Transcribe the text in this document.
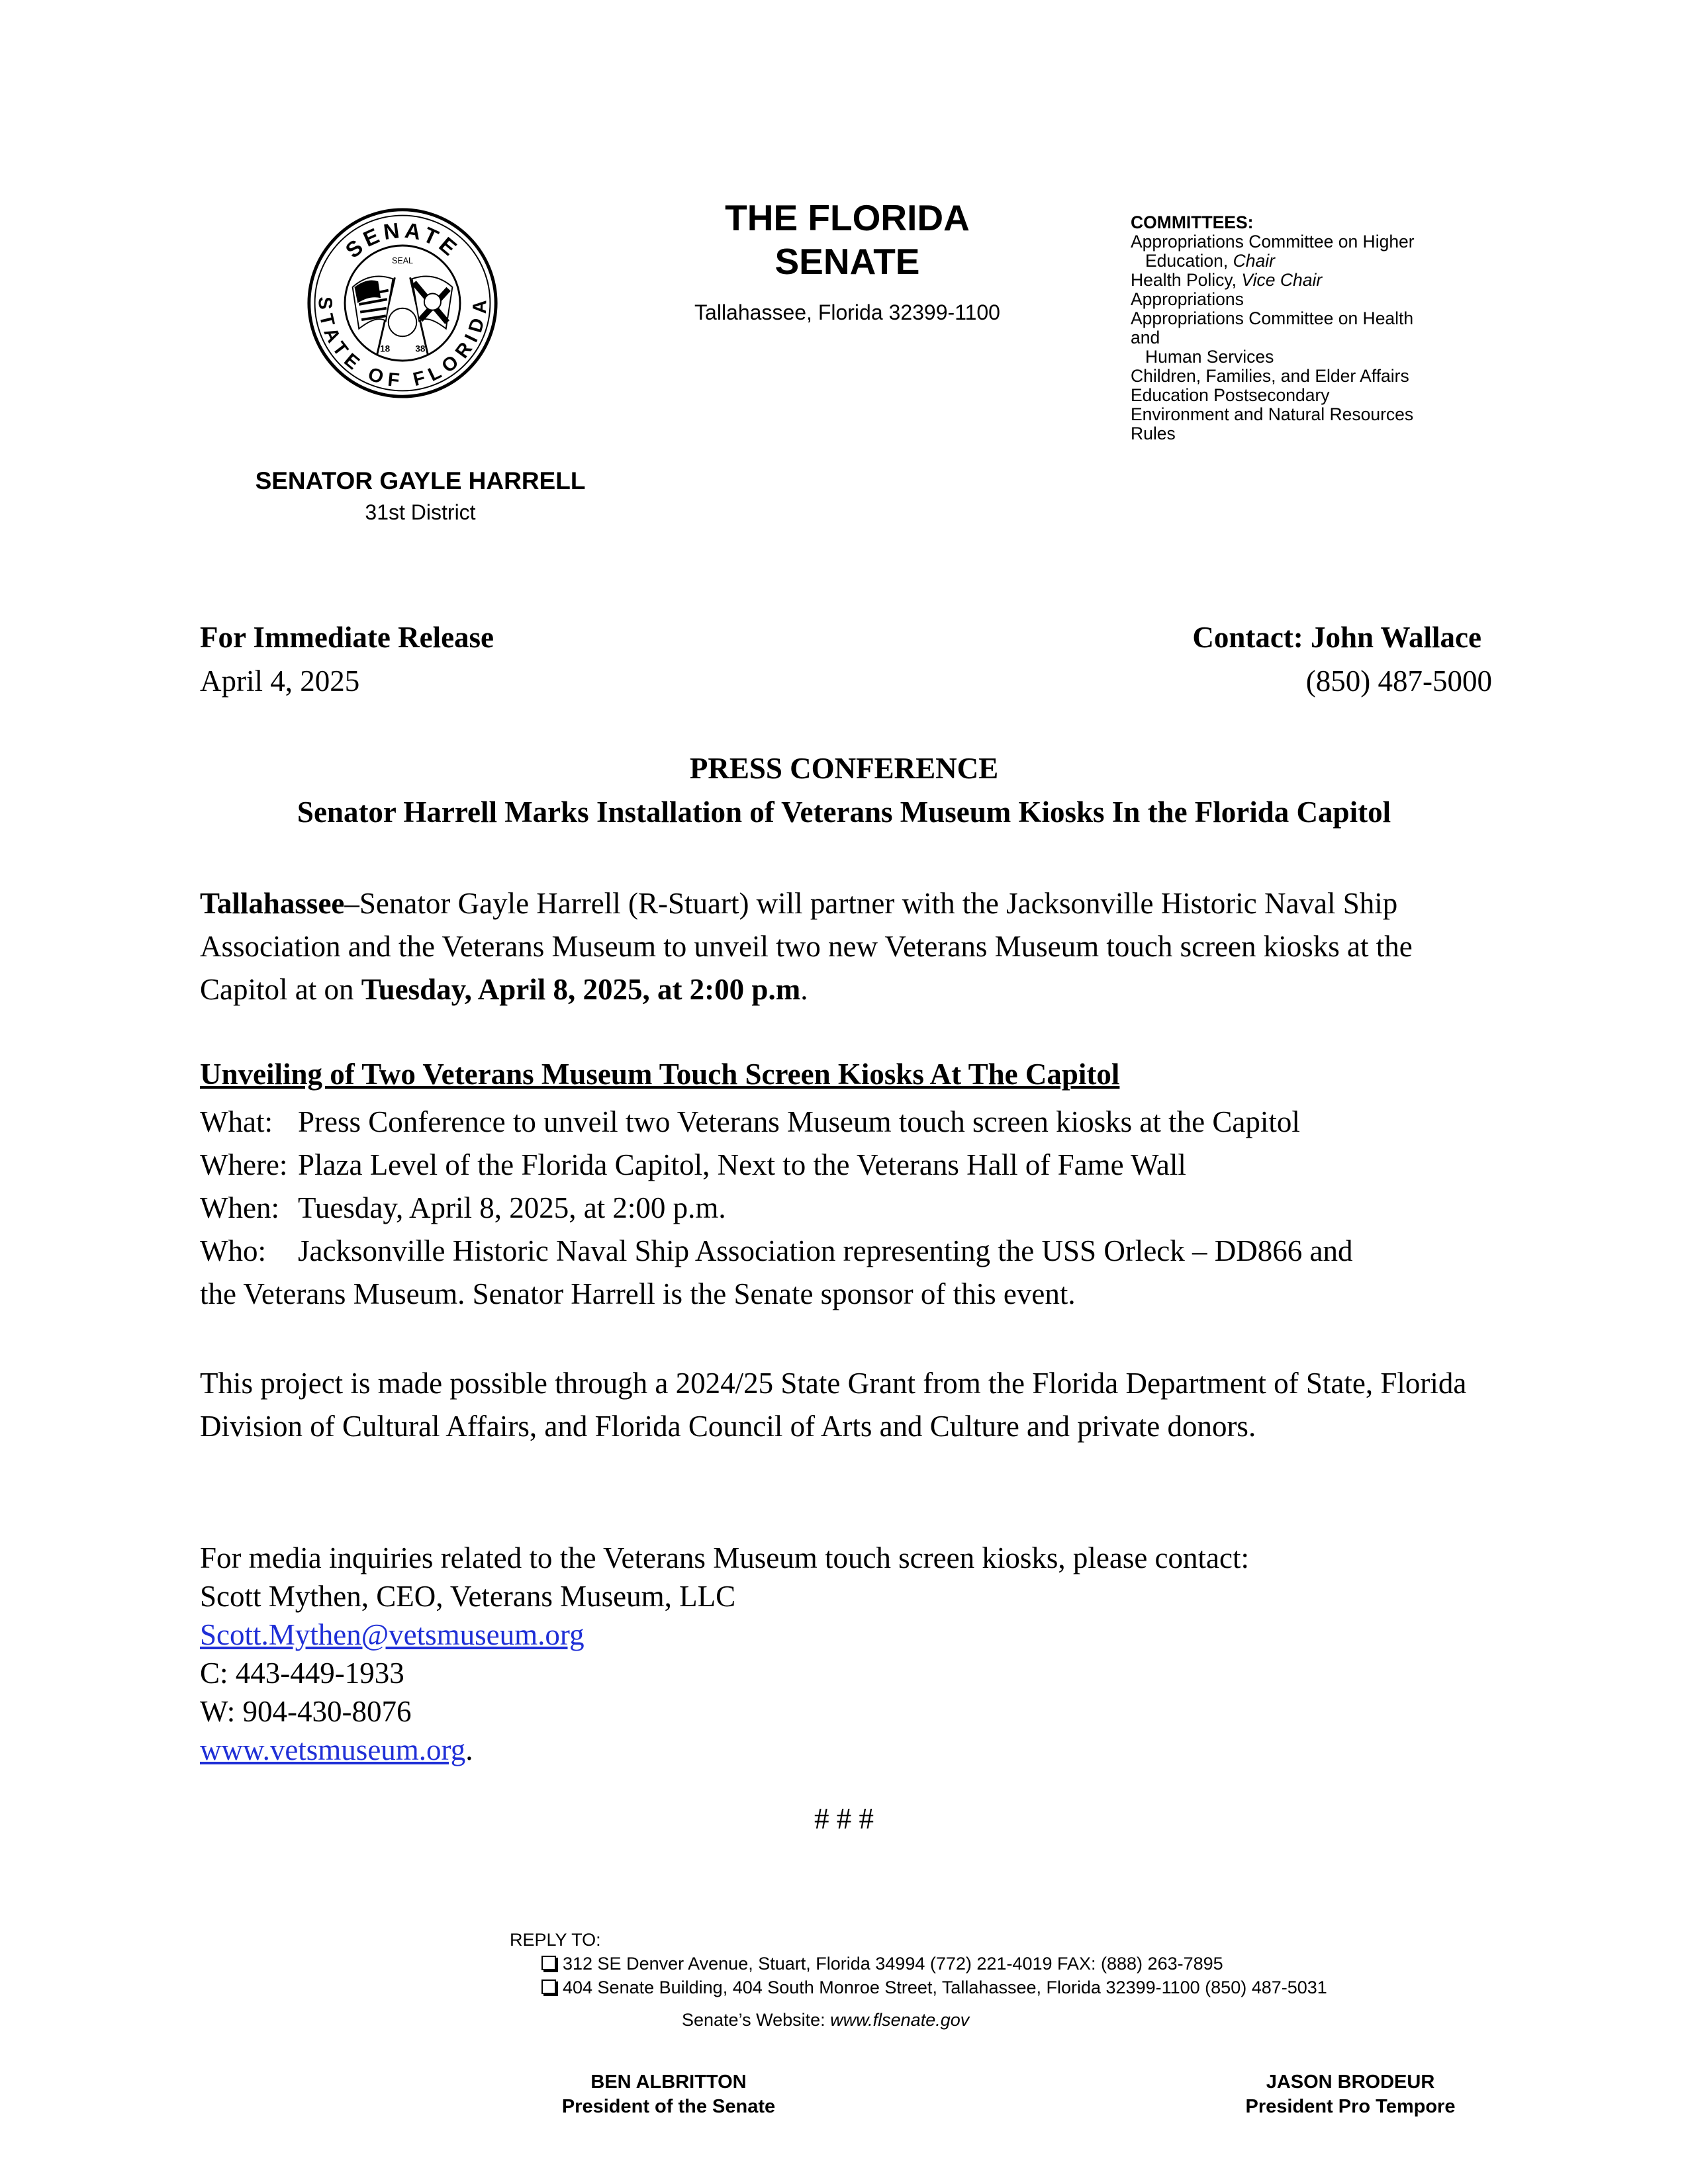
SENATE
STATE OF FLORIDA
SEAL
18	38
THE FLORIDA
SENATE
Tallahassee, Florida 32399-1100
COMMITTEES:
Appropriations Committee on Higher
Education, Chair
Health Policy, Vice Chair
Appropriations
Appropriations Committee on Health
and
Human Services
Children, Families, and Elder Affairs
Education Postsecondary
Environment and Natural Resources
Rules
SENATOR GAYLE HARRELL
31st District
For Immediate Release
April 4, 2025
Contact: John Wallace
(850) 487-5000
PRESS CONFERENCE
Senator Harrell Marks Installation of Veterans Museum Kiosks In the Florida Capitol
Tallahassee–Senator Gayle Harrell (R-Stuart) will partner with the Jacksonville Historic Naval Ship Association and the Veterans Museum to unveil two new Veterans Museum touch screen kiosks at the Capitol at on Tuesday, April 8, 2025, at 2:00 p.m.
Unveiling of Two Veterans Museum Touch Screen Kiosks At The Capitol
What: Press Conference to unveil two Veterans Museum touch screen kiosks at the Capitol
Where: Plaza Level of the Florida Capitol, Next to the Veterans Hall of Fame Wall
When: Tuesday, April 8, 2025, at 2:00 p.m.
Who: Jacksonville Historic Naval Ship Association representing the USS Orleck – DD866 and
the Veterans Museum. Senator Harrell is the Senate sponsor of this event.
This project is made possible through a 2024/25 State Grant from the Florida Department of State, Florida Division of Cultural Affairs, and Florida Council of Arts and Culture and private donors.
For media inquiries related to the Veterans Museum touch screen kiosks, please contact:
Scott Mythen, CEO, Veterans Museum, LLC
Scott.Mythen@vetsmuseum.org
C: 443-449-1933
W: 904-430-8076
www.vetsmuseum.org.
# # #
REPLY TO:
312 SE Denver Avenue, Stuart, Florida 34994 (772) 221-4019 FAX: (888) 263-7895
404 Senate Building, 404 South Monroe Street, Tallahassee, Florida 32399-1100 (850) 487-5031
Senate’s Website: www.flsenate.gov
BEN ALBRITTON
President of the Senate
JASON BRODEUR
President Pro Tempore
